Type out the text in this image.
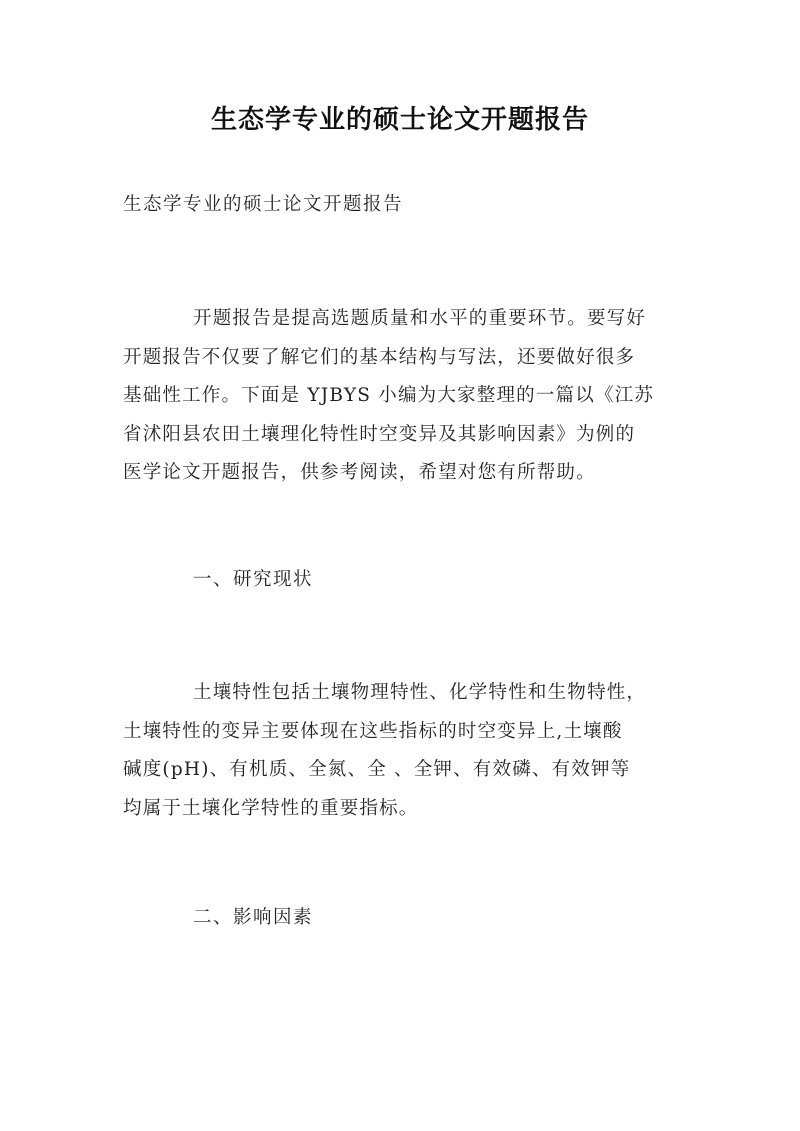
生态学专业的硕士论文开题报告
生态学专业的硕士论文开题报告
开题报告是提高选题质量和水平的重要环节。要写好
开题报告不仅要了解它们的基本结构与写法，还要做好很多
基础性工作。下面是 YJBYS 小编为大家整理的一篇以《江苏
省沭阳县农田土壤理化特性时空变异及其影响因素》为例的
医学论文开题报告，供参考阅读，希望对您有所帮助。
一、研究现状
土壤特性包括土壤物理特性、化学特性和生物特性，
土壤特性的变异主要体现在这些指标的时空变异上,土壤酸
碱度(pH)、有机质、全氮、全 、全钾、有效磷、有效钾等
均属于土壤化学特性的重要指标。
二、影响因素
